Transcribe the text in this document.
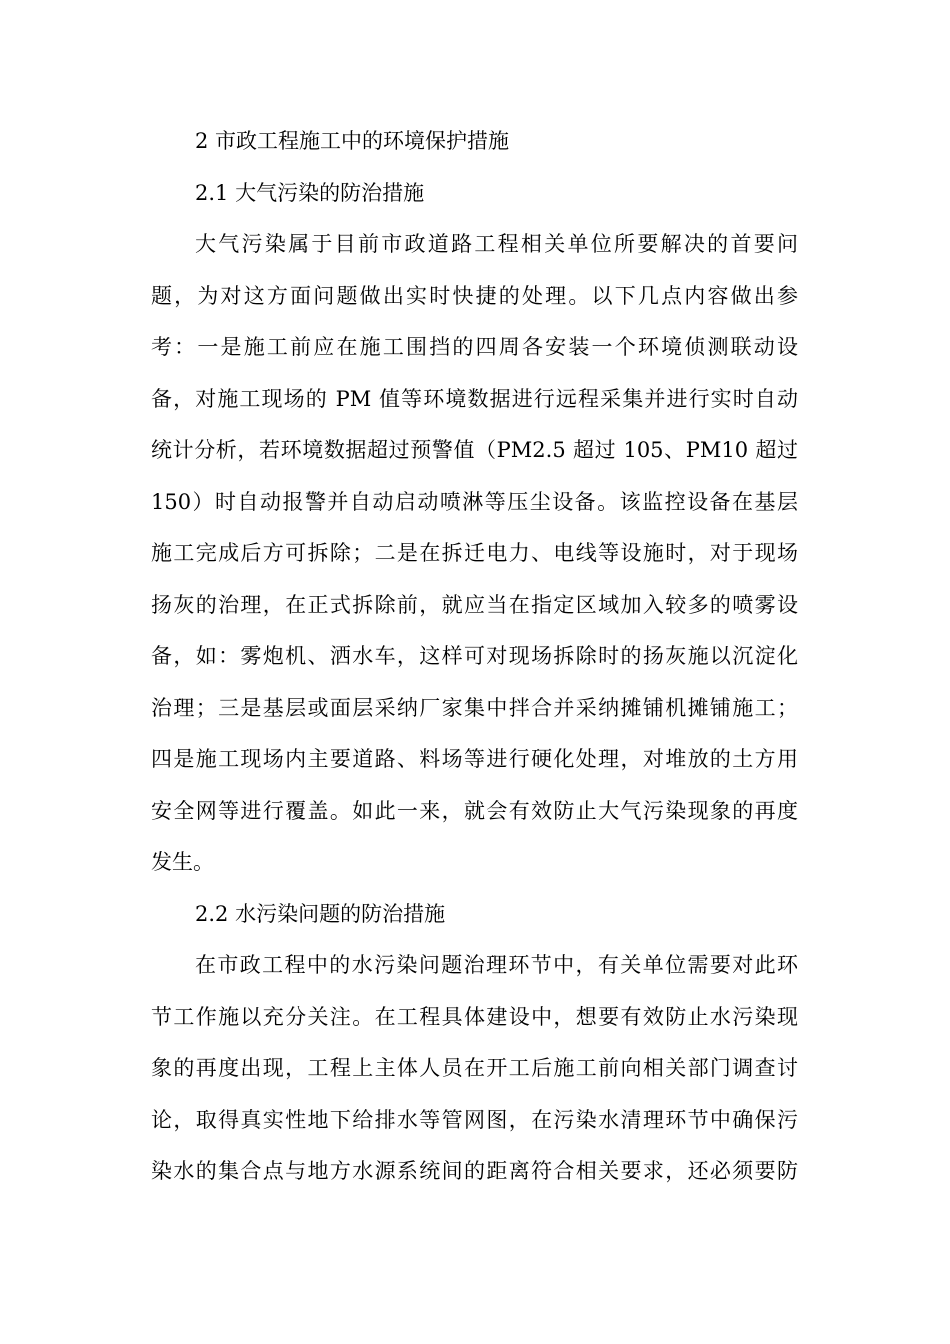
2 市政工程施工中的环境保护措施
2.1 大气污染的防治措施
大气污染属于目前市政道路工程相关单位所要解决的首要问
题，为对这方面问题做出实时快捷的处理。以下几点内容做出参
考：一是施工前应在施工围挡的四周各安装一个环境侦测联动设
备，对施工现场的 PM 值等环境数据进行远程采集并进行实时自动
统计分析，若环境数据超过预警值（PM2.5 超过 105、PM10 超过
150）时自动报警并自动启动喷淋等压尘设备。该监控设备在基层
施工完成后方可拆除；二是在拆迁电力、电线等设施时，对于现场
扬灰的治理，在正式拆除前，就应当在指定区域加入较多的喷雾设
备，如：雾炮机、洒水车，这样可对现场拆除时的扬灰施以沉淀化
治理；三是基层或面层采纳厂家集中拌合并采纳摊铺机摊铺施工；
四是施工现场内主要道路、料场等进行硬化处理，对堆放的土方用
安全网等进行覆盖。如此一来，就会有效防止大气污染现象的再度
发生。
2.2 水污染问题的防治措施
在市政工程中的水污染问题治理环节中，有关单位需要对此环
节工作施以充分关注。在工程具体建设中，想要有效防止水污染现
象的再度出现，工程上主体人员在开工后施工前向相关部门调查讨
论，取得真实性地下给排水等管网图，在污染水清理环节中确保污
染水的集合点与地方水源系统间的距离符合相关要求，还必须要防
